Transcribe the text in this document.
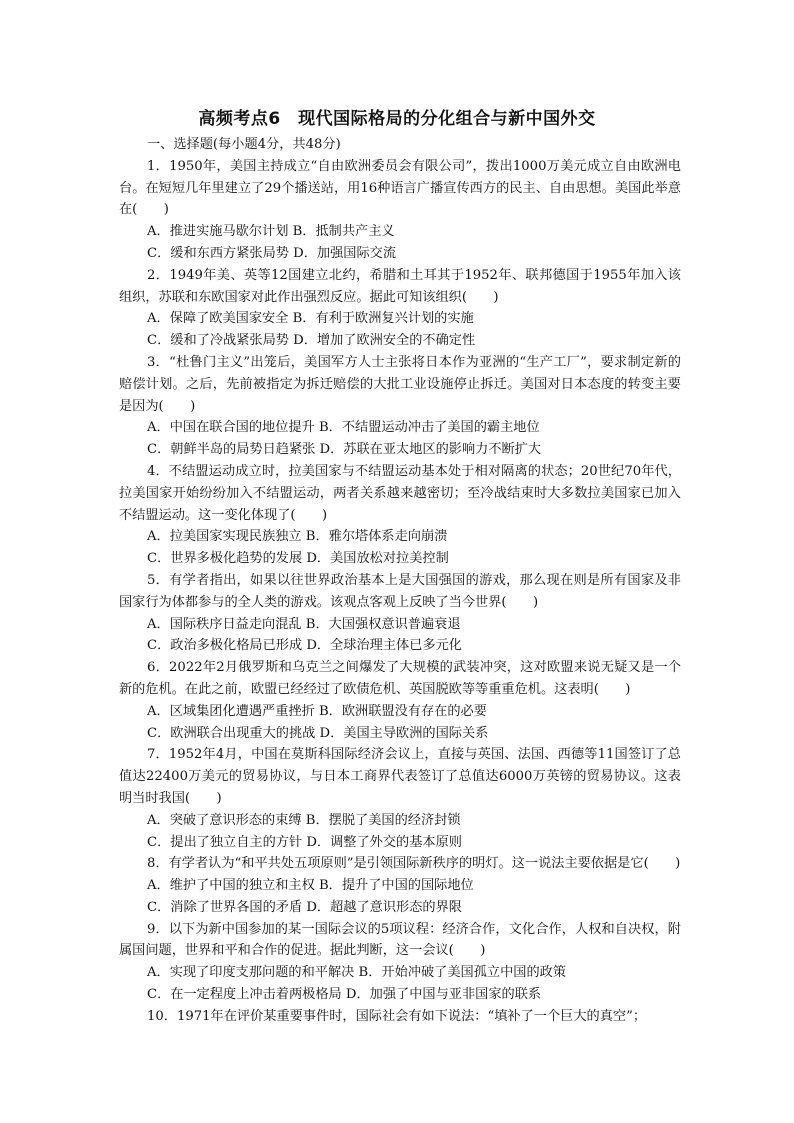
高频考点6　现代国际格局的分化组合与新中国外交

一、选择题(每小题4分，共48分)

1．1950年，美国主持成立“自由欧洲委员会有限公司”，拨出1000万美元成立自由欧洲电台。在短短几年里建立了29个播送站，用16种语言广播宣传西方的民主、自由思想。美国此举意在(　　)

A．推进实施马歇尔计划 B．抵制共产主义

C．缓和东西方紧张局势 D．加强国际交流

2．1949年美、英等12国建立北约，希腊和土耳其于1952年、联邦德国于1955年加入该组织，苏联和东欧国家对此作出强烈反应。据此可知该组织(　　)

A．保障了欧美国家安全 B．有利于欧洲复兴计划的实施

C．缓和了冷战紧张局势 D．增加了欧洲安全的不确定性

3．“杜鲁门主义”出笼后，美国军方人士主张将日本作为亚洲的“生产工厂”，要求制定新的赔偿计划。之后，先前被指定为拆迁赔偿的大批工业设施停止拆迁。美国对日本态度的转变主要是因为(　　)

A．中国在联合国的地位提升 B．不结盟运动冲击了美国的霸主地位

C．朝鲜半岛的局势日趋紧张 D．苏联在亚太地区的影响力不断扩大

4．不结盟运动成立时，拉美国家与不结盟运动基本处于相对隔离的状态；20世纪70年代，拉美国家开始纷纷加入不结盟运动，两者关系越来越密切；至冷战结束时大多数拉美国家已加入不结盟运动。这一变化体现了(　　)

A．拉美国家实现民族独立 B．雅尔塔体系走向崩溃

C．世界多极化趋势的发展 D．美国放松对拉美控制

5．有学者指出，如果以往世界政治基本上是大国强国的游戏，那么现在则是所有国家及非国家行为体都参与的全人类的游戏。该观点客观上反映了当今世界(　　)

A．国际秩序日益走向混乱 B．大国强权意识普遍衰退

C．政治多极化格局已形成 D．全球治理主体已多元化

6．2022年2月俄罗斯和乌克兰之间爆发了大规模的武装冲突，这对欧盟来说无疑又是一个新的危机。在此之前，欧盟已经经过了欧债危机、英国脱欧等等重重危机。这表明(　　)

A．区域集团化遭遇严重挫折 B．欧洲联盟没有存在的必要

C．欧洲联合出现重大的挑战 D．美国主导欧洲的国际关系

7．1952年4月，中国在莫斯科国际经济会议上，直接与英国、法国、西德等11国签订了总值达22400万美元的贸易协议，与日本工商界代表签订了总值达6000万英镑的贸易协议。这表明当时我国(　　)

A．突破了意识形态的束缚 B．摆脱了美国的经济封锁

C．提出了独立自主的方针 D．调整了外交的基本原则

8．有学者认为“和平共处五项原则”是引领国际新秩序的明灯。这一说法主要依据是它(　　)

A．维护了中国的独立和主权 B．提升了中国的国际地位

C．消除了世界各国的矛盾 D．超越了意识形态的界限

9．以下为新中国参加的某一国际会议的5项议程：经济合作，文化合作，人权和自决权，附属国问题，世界和平和合作的促进。据此判断，这一会议(　　)

A．实现了印度支那问题的和平解决 B．开始冲破了美国孤立中国的政策

C．在一定程度上冲击着两极格局 D．加强了中国与亚非国家的联系

10．1971年在评价某重要事件时，国际社会有如下说法：“填补了一个巨大的真空”；
